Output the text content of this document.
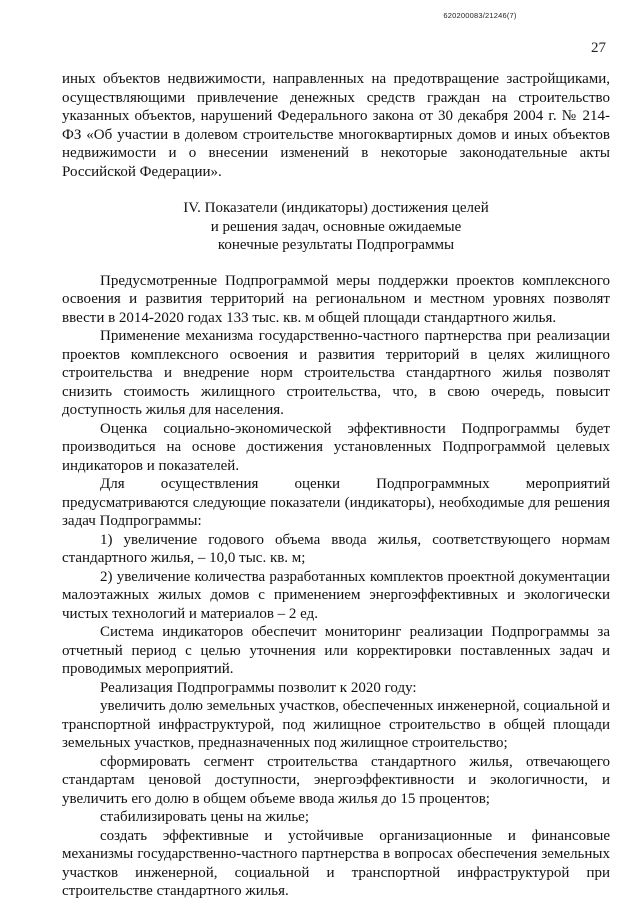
620200083/21246(7)
27

иных объектов недвижимости, направленных на предотвращение застройщиками, осуществляющими привлечение денежных средств граждан на строительство указанных объектов, нарушений Федерального закона от 30 декабря 2004 г. № 214-ФЗ «Об участии в долевом строительстве многоквартирных домов и иных объектов недвижимости и о внесении изменений в некоторые законодательные акты Российской Федерации».

IV. Показатели (индикаторы) достижения целей
и решения задач, основные ожидаемые
конечные результаты Подпрограммы

Предусмотренные Подпрограммой меры поддержки проектов комплексного освоения и развития территорий на региональном и местном уровнях позволят ввести в 2014-2020 годах 133 тыс. кв. м общей площади стандартного жилья.

Применение механизма государственно-частного партнерства при реализации проектов комплексного освоения и развития территорий в целях жилищного строительства и внедрение норм строительства стандартного жилья позволят снизить стоимость жилищного строительства, что, в свою очередь, повысит доступность жилья для населения.

Оценка социально-экономической эффективности Подпрограммы будет производиться на основе достижения установленных Подпрограммой целевых индикаторов и показателей.

Для осуществления оценки Подпрограммных мероприятий предусматриваются следующие показатели (индикаторы), необходимые для решения задач Подпрограммы:

1) увеличение годового объема ввода жилья, соответствующего нормам стандартного жилья, – 10,0 тыс. кв. м;

2) увеличение количества разработанных комплектов проектной документации малоэтажных жилых домов с применением энергоэффективных и экологически чистых технологий и материалов – 2 ед.

Система индикаторов обеспечит мониторинг реализации Подпрограммы за отчетный период с целью уточнения или корректировки поставленных задач и проводимых мероприятий.

Реализация Подпрограммы позволит к 2020 году:

увеличить долю земельных участков, обеспеченных инженерной, социальной и транспортной инфраструктурой, под жилищное строительство в общей площади земельных участков, предназначенных под жилищное строительство;

сформировать сегмент строительства стандартного жилья, отвечающего стандартам ценовой доступности, энергоэффективности и экологичности, и увеличить его долю в общем объеме ввода жилья до 15 процентов;

стабилизировать цены на жилье;

создать эффективные и устойчивые организационные и финансовые механизмы государственно-частного партнерства в вопросах обеспечения земельных участков инженерной, социальной и транспортной инфраструктурой при строительстве стандартного жилья.
